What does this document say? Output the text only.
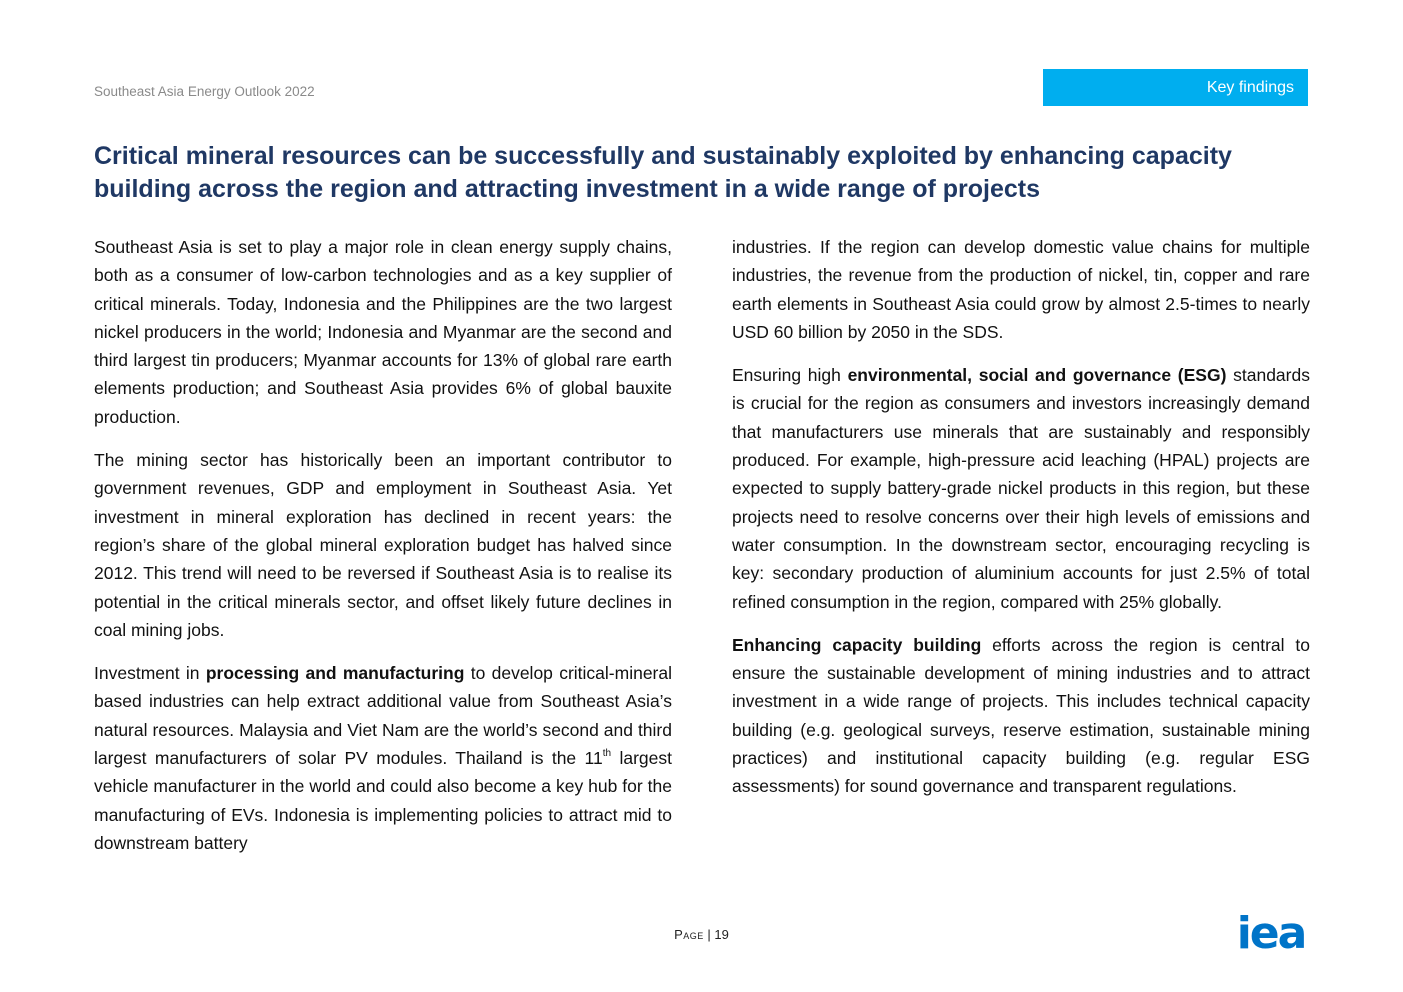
Southeast Asia Energy Outlook 2022	Key findings
Critical mineral resources can be successfully and sustainably exploited by enhancing capacity building across the region and attracting investment in a wide range of projects

Southeast Asia is set to play a major role in clean energy supply chains, both as a consumer of low-carbon technologies and as a key supplier of critical minerals. Today, Indonesia and the Philippines are the two largest nickel producers in the world; Indonesia and Myanmar are the second and third largest tin producers; Myanmar accounts for 13% of global rare earth elements production; and Southeast Asia provides 6% of global bauxite production.

The mining sector has historically been an important contributor to government revenues, GDP and employment in Southeast Asia. Yet investment in mineral exploration has declined in recent years: the region’s share of the global mineral exploration budget has halved since 2012. This trend will need to be reversed if Southeast Asia is to realise its potential in the critical minerals sector, and offset likely future declines in coal mining jobs.

Investment in processing and manufacturing to develop critical-mineral based industries can help extract additional value from Southeast Asia’s natural resources. Malaysia and Viet Nam are the world’s second and third largest manufacturers of solar PV modules. Thailand is the 11th largest vehicle manufacturer in the world and could also become a key hub for the manufacturing of EVs. Indonesia is implementing policies to attract mid to downstream battery

industries. If the region can develop domestic value chains for multiple industries, the revenue from the production of nickel, tin, copper and rare earth elements in Southeast Asia could grow by almost 2.5-times to nearly USD 60 billion by 2050 in the SDS.

Ensuring high environmental, social and governance (ESG) standards is crucial for the region as consumers and investors increasingly demand that manufacturers use minerals that are sustainably and responsibly produced. For example, high-pressure acid leaching (HPAL) projects are expected to supply battery-grade nickel products in this region, but these projects need to resolve concerns over their high levels of emissions and water consumption. In the downstream sector, encouraging recycling is key: secondary production of aluminium accounts for just 2.5% of total refined consumption in the region, compared with 25% globally.

Enhancing capacity building efforts across the region is central to ensure the sustainable development of mining industries and to attract investment in a wide range of projects. This includes technical capacity building (e.g. geological surveys, reserve estimation, sustainable mining practices) and institutional capacity building (e.g. regular ESG assessments) for sound governance and transparent regulations.

Page | 19	iea
